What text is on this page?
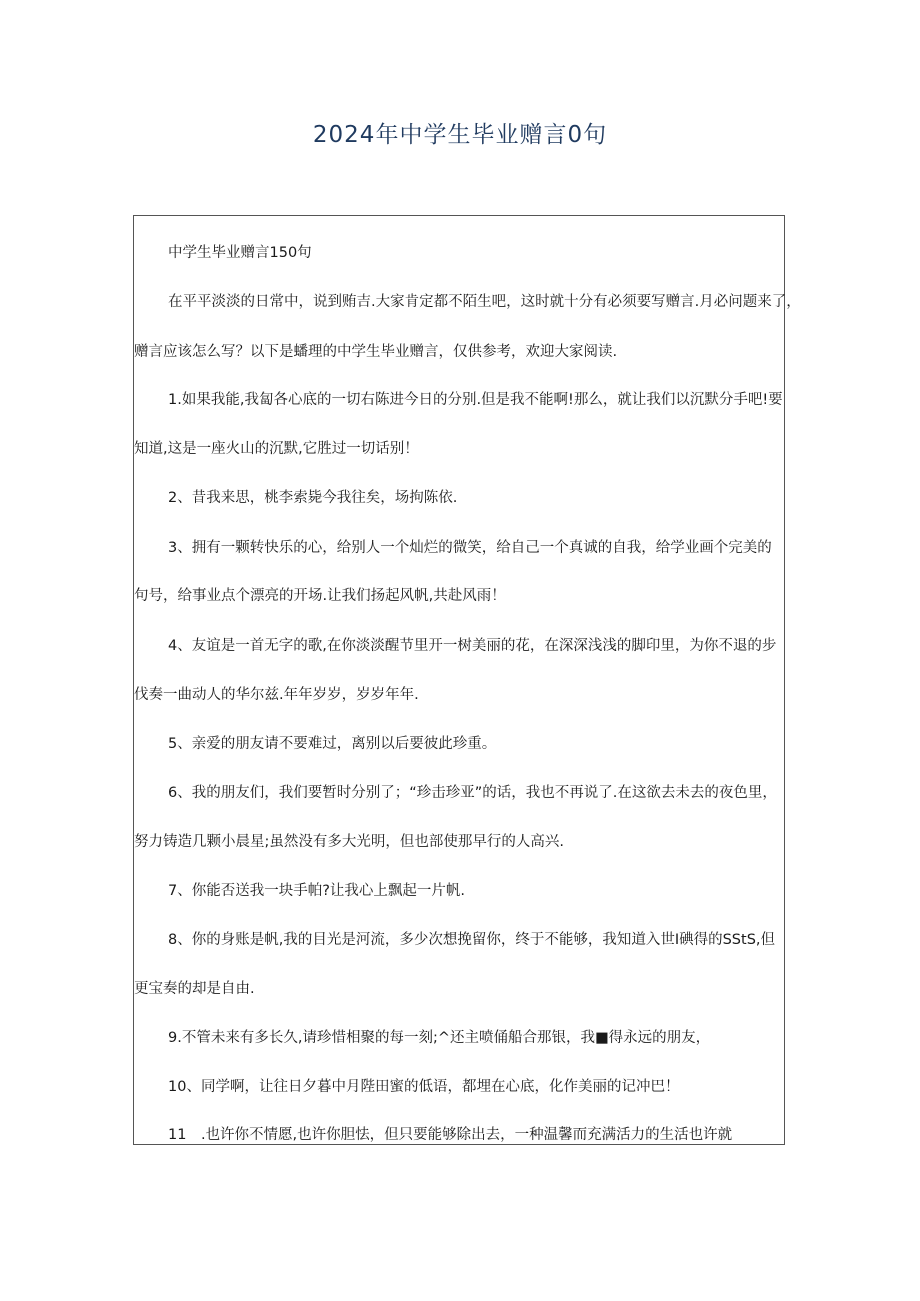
2024年中学生毕业赠言0句
中学生毕业赠言150句
在平平淡淡的日常中，说到贿吉.大家肯定都不陌生吧，这时就十分有必须要写赠言.月必问题来了，
赠言应该怎么写？以下是蟠理的中学生毕业赠言，仅供参考，欢迎大家阅读.
1.如果我能,我匐各心底的一切右陈进今日的分别.但是我不能啊!那么，就让我们以沉默分手吧!要
知道,这是一座火山的沉默,它胜过一切话别！
2、昔我来思，桃李索毙今我往矣，场拘陈依.
3、拥有一颗转快乐的心，给别人一个灿烂的微笑，给自己一个真诚的自我，给学业画个完美的
句号，给事业点个漂亮的开场.让我们扬起风帆,共赴风雨！
4、友谊是一首无字的歌,在你淡淡醒节里开一树美丽的花，在深深浅浅的脚印里，为你不退的步
伐奏一曲动人的华尔兹.年年岁岁，岁岁年年.
5、亲爱的朋友请不要难过，离别以后要彼此珍重。
6、我的朋友们，我们要暂时分别了；“珍击珍亚”的话，我也不再说了.在这欲去未去的夜色里，
努力铸造几颗小晨星;虽然没有多大光明，但也部使那早行的人高兴.
7、你能否送我一块手帕?让我心上飘起一片帆.
8、你的身账是帆,我的目光是河流，多少次想挽留你，终于不能够，我知道入世I碘得的SStS,但
更宝奏的却是自由.
9.不管未来有多长久,请珍惜相聚的每一刻;^还主喷俑船合那银，我■得永远的朋友，
10、同学啊，让往日夕暮中月陛田蜜的低语，都埋在心底，化作美丽的记冲巴！
11　.也许你不情愿,也许你胆怯，但只要能够除出去，一种温馨而充满活力的生活也许就
